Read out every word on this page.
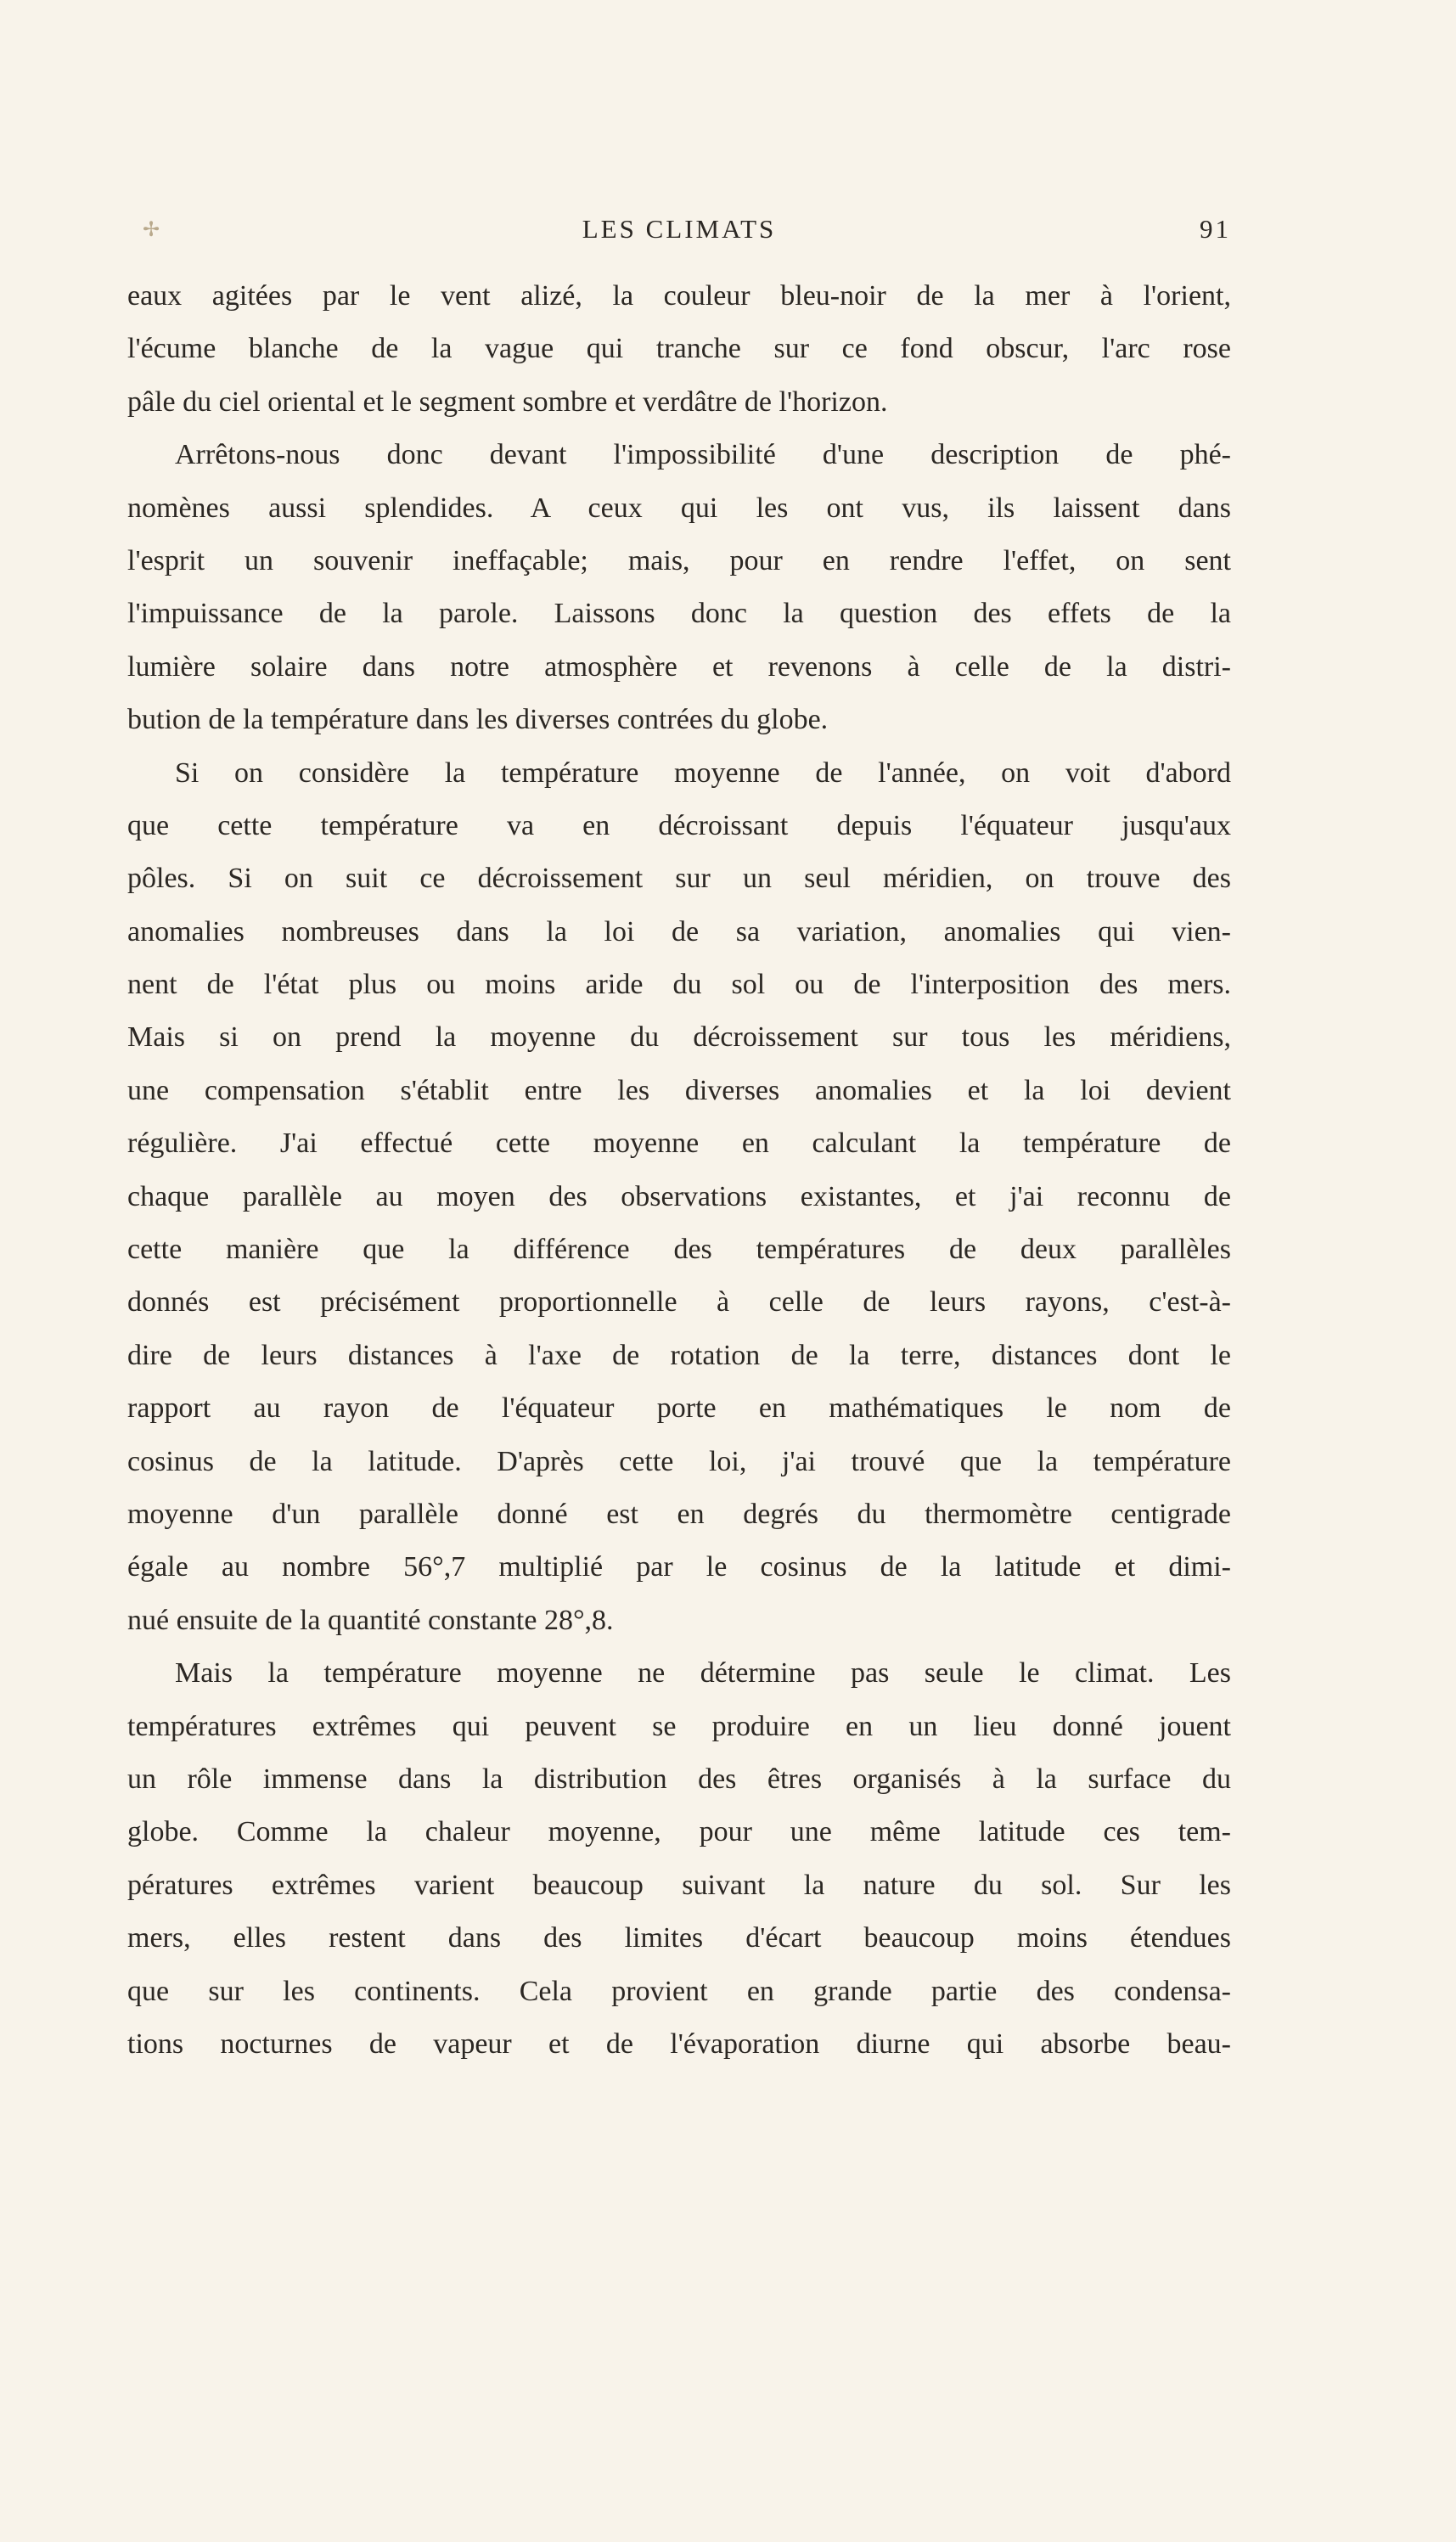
✢	LES CLIMATS	91
eaux agitées par le vent alizé, la couleur bleu-noir de la mer à l'orient,
l'écume blanche de la vague qui tranche sur ce fond obscur, l'arc rose
pâle du ciel oriental et le segment sombre et verdâtre de l'horizon.
Arrêtons-nous donc devant l'impossibilité d'une description de phé-
nomènes aussi splendides. A ceux qui les ont vus, ils laissent dans
l'esprit un souvenir ineffaçable; mais, pour en rendre l'effet, on sent
l'impuissance de la parole. Laissons donc la question des effets de la
lumière solaire dans notre atmosphère et revenons à celle de la distri-
bution de la température dans les diverses contrées du globe.
Si on considère la température moyenne de l'année, on voit d'abord
que cette température va en décroissant depuis l'équateur jusqu'aux
pôles. Si on suit ce décroissement sur un seul méridien, on trouve des
anomalies nombreuses dans la loi de sa variation, anomalies qui vien-
nent de l'état plus ou moins aride du sol ou de l'interposition des mers.
Mais si on prend la moyenne du décroissement sur tous les méridiens,
une compensation s'établit entre les diverses anomalies et la loi devient
régulière. J'ai effectué cette moyenne en calculant la température de
chaque parallèle au moyen des observations existantes, et j'ai reconnu de
cette manière que la différence des températures de deux parallèles
donnés est précisément proportionnelle à celle de leurs rayons, c'est-à-
dire de leurs distances à l'axe de rotation de la terre, distances dont le
rapport au rayon de l'équateur porte en mathématiques le nom de
cosinus de la latitude. D'après cette loi, j'ai trouvé que la température
moyenne d'un parallèle donné est en degrés du thermomètre centigrade
égale au nombre 56°,7 multiplié par le cosinus de la latitude et dimi-
nué ensuite de la quantité constante 28°,8.
Mais la température moyenne ne détermine pas seule le climat. Les
températures extrêmes qui peuvent se produire en un lieu donné jouent
un rôle immense dans la distribution des êtres organisés à la surface du
globe. Comme la chaleur moyenne, pour une même latitude ces tem-
pératures extrêmes varient beaucoup suivant la nature du sol. Sur les
mers, elles restent dans des limites d'écart beaucoup moins étendues
que sur les continents. Cela provient en grande partie des condensa-
tions nocturnes de vapeur et de l'évaporation diurne qui absorbe beau-
